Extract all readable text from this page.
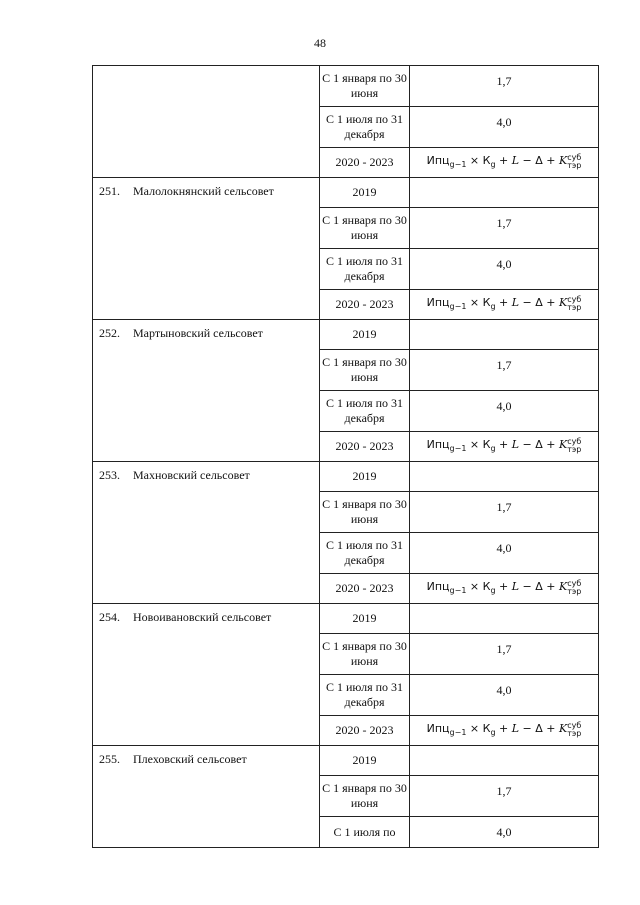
48
	С 1 января по 30 июня	1,7
	С 1 июля по 31 декабря	4,0
	2020 - 2023	$Ипц_{g-1} \times К_g + L - \Delta + K$ суб
тэр

251. Малолокнянский сельсовет	2019	
	С 1 января по 30 июня	1,7
	С 1 июля по 31 декабря	4,0
	2020 - 2023	$Ипц_{g-1} \times К_g + L - \Delta + K$ суб
тэр

252. Мартыновский сельсовет	2019	
	С 1 января по 30 июня	1,7
	С 1 июля по 31 декабря	4,0
	2020 - 2023	$Ипц_{g-1} \times К_g + L - \Delta + K$ суб
тэр

253. Махновский сельсовет	2019	
	С 1 января по 30 июня	1,7
	С 1 июля по 31 декабря	4,0
	2020 - 2023	$Ипц_{g-1} \times К_g + L - \Delta + K$ суб
тэр

254. Новоивановский сельсовет	2019	
	С 1 января по 30 июня	1,7
	С 1 июля по 31 декабря	4,0
	2020 - 2023	$Ипц_{g-1} \times К_g + L - \Delta + K$ суб
тэр

255. Плеховский сельсовет	2019	
	С 1 января по 30 июня	1,7
	С 1 июля по	4,0
